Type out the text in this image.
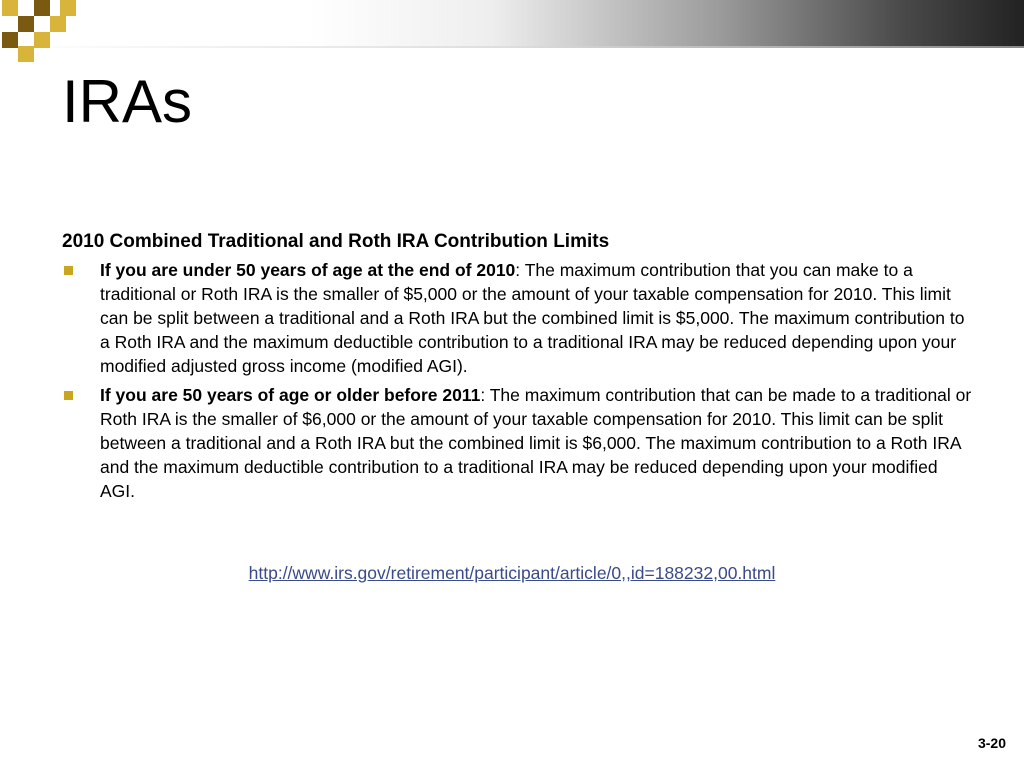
IRAs
2010 Combined Traditional and Roth IRA Contribution Limits
If you are under 50 years of age at the end of 2010: The maximum contribution that you can make to a traditional or Roth IRA is the smaller of $5,000 or the amount of your taxable compensation for 2010. This limit can be split between a traditional and a Roth IRA but the combined limit is $5,000. The maximum contribution to a Roth IRA and the maximum deductible contribution to a traditional IRA may be reduced depending upon your modified adjusted gross income (modified AGI).
If you are 50 years of age or older before 2011: The maximum contribution that can be made to a traditional or Roth IRA is the smaller of $6,000 or the amount of your taxable compensation for 2010. This limit can be split between a traditional and a Roth IRA but the combined limit is $6,000. The maximum contribution to a Roth IRA and the maximum deductible contribution to a traditional IRA may be reduced depending upon your modified AGI.
http://www.irs.gov/retirement/participant/article/0,,id=188232,00.html
3-20
